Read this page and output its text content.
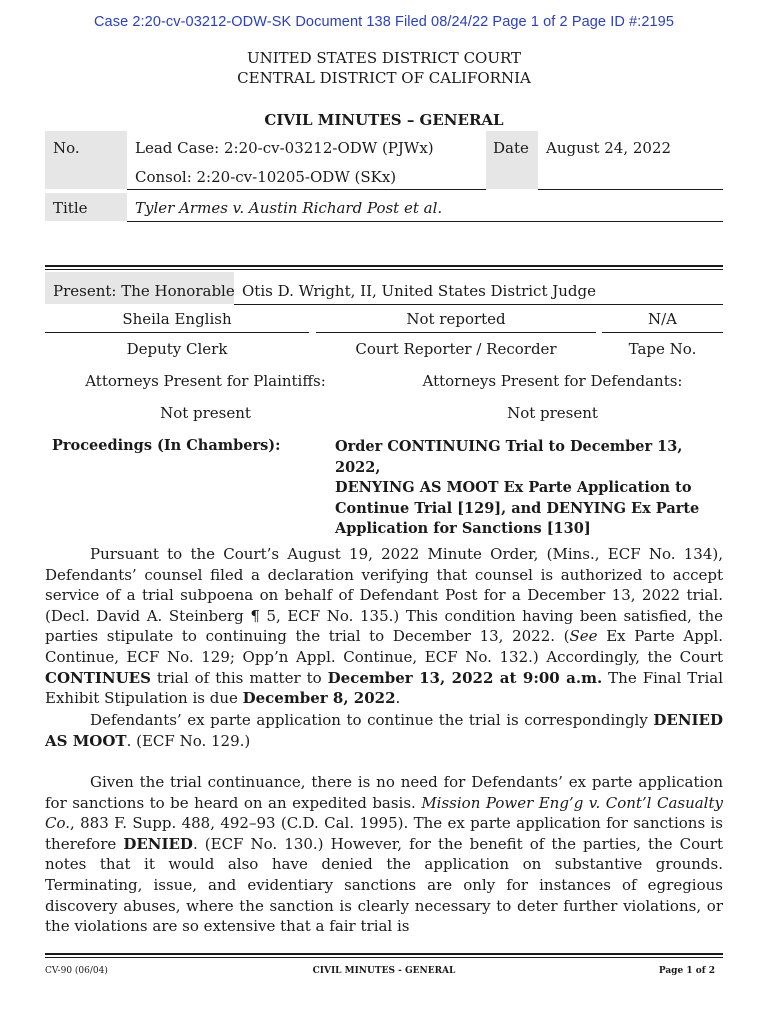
Case 2:20-cv-03212-ODW-SK Document 138 Filed 08/24/22 Page 1 of 2 Page ID #:2195
UNITED STATES DISTRICT COURT
CENTRAL DISTRICT OF CALIFORNIA
CIVIL MINUTES – GENERAL
No.	Lead Case: 2:20-cv-03212-ODW (PJWx)
Consol: 2:20-cv-10205-ODW (SKx)
Date August 24, 2022
Title	Tyler Armes v. Austin Richard Post et al.
Present: The Honorable Otis D. Wright, II, United States District Judge
Sheila English	Not reported	N/A
Deputy Clerk	Court Reporter / Recorder	Tape No.
Attorneys Present for Plaintiffs:	Attorneys Present for Defendants:
Not present	Not present
Proceedings (In Chambers):	Order CONTINUING Trial to December 13, 2022,
DENYING AS MOOT Ex Parte Application to
Continue Trial [129], and DENYING Ex Parte
Application for Sanctions [130]

Pursuant to the Court’s August 19, 2022 Minute Order, (Mins., ECF No. 134), Defendants’ counsel filed a declaration verifying that counsel is authorized to accept service of a trial subpoena on behalf of Defendant Post for a December 13, 2022 trial. (Decl. David A. Steinberg ¶ 5, ECF No. 135.) This condition having been satisfied, the parties stipulate to continuing the trial to December 13, 2022. (See Ex Parte Appl. Continue, ECF No. 129; Opp’n Appl. Continue, ECF No. 132.) Accordingly, the Court CONTINUES trial of this matter to December 13, 2022 at 9:00 a.m. The Final Trial Exhibit Stipulation is due December 8, 2022.

Defendants’ ex parte application to continue the trial is correspondingly DENIED AS MOOT. (ECF No. 129.)

Given the trial continuance, there is no need for Defendants’ ex parte application for sanctions to be heard on an expedited basis. Mission Power Eng’g v. Cont’l Casualty Co., 883 F. Supp. 488, 492–93 (C.D. Cal. 1995). The ex parte application for sanctions is therefore DENIED. (ECF No. 130.) However, for the benefit of the parties, the Court notes that it would also have denied the application on substantive grounds. Terminating, issue, and evidentiary sanctions are only for instances of egregious discovery abuses, where the sanction is clearly necessary to deter further violations, or the violations are so extensive that a fair trial is

CV-90 (06/04)	CIVIL MINUTES - GENERAL	Page 1 of 2
